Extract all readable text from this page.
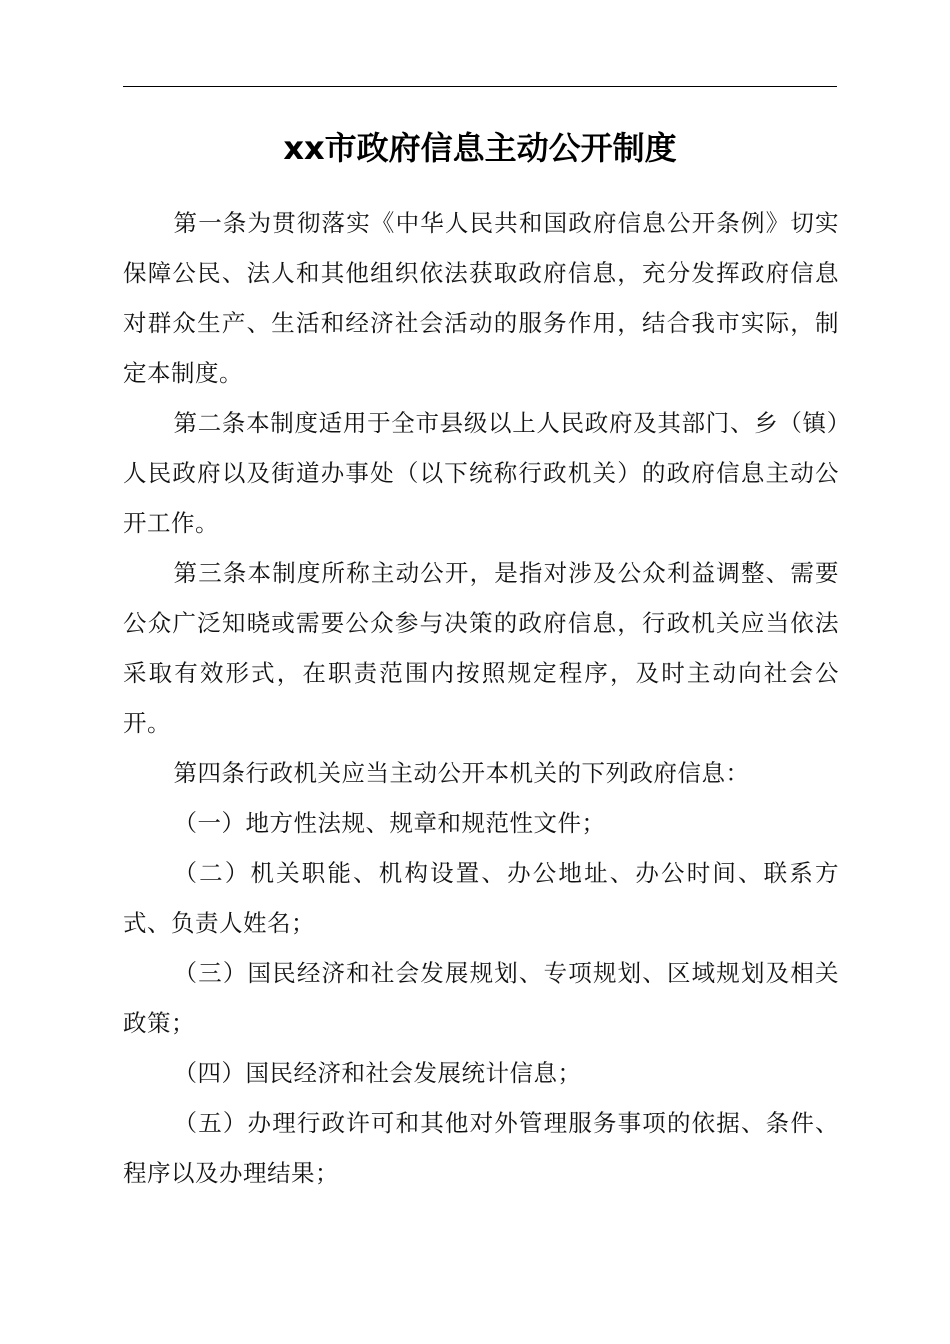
xx市政府信息主动公开制度

第一条为贯彻落实《中华人民共和国政府信息公开条例》切实保障公民、法人和其他组织依法获取政府信息，充分发挥政府信息对群众生产、生活和经济社会活动的服务作用，结合我市实际，制定本制度。

第二条本制度适用于全市县级以上人民政府及其部门、乡（镇）人民政府以及街道办事处（以下统称行政机关）的政府信息主动公开工作。

第三条本制度所称主动公开，是指对涉及公众利益调整、需要公众广泛知晓或需要公众参与决策的政府信息，行政机关应当依法采取有效形式，在职责范围内按照规定程序，及时主动向社会公开。

第四条行政机关应当主动公开本机关的下列政府信息：

（一）地方性法规、规章和规范性文件；

（二）机关职能、机构设置、办公地址、办公时间、联系方式、负责人姓名；

（三）国民经济和社会发展规划、专项规划、区域规划及相关政策；

（四）国民经济和社会发展统计信息；

（五）办理行政许可和其他对外管理服务事项的依据、条件、程序以及办理结果；
